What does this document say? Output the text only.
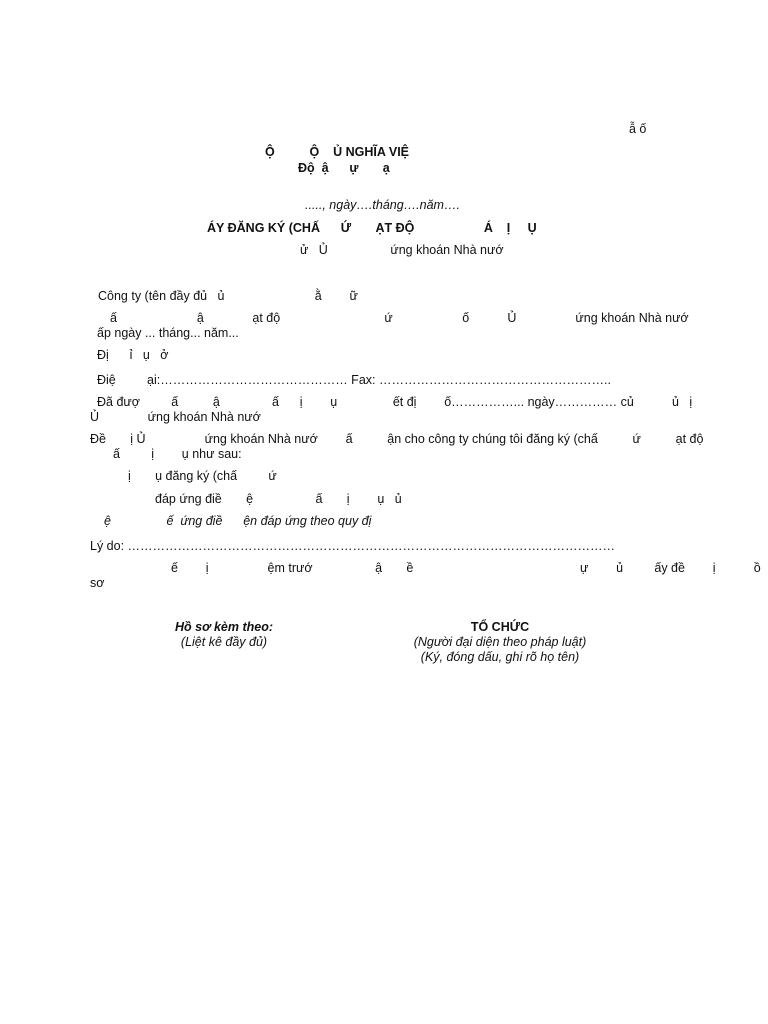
ẫ ố
Ộ          Ộ    Ủ NGHĨA VIỆ
Độ  ậ      ự       ạ
....., ngày….tháng….năm….
ÁY ĐĂNG KÝ (CHẤ      Ứ       ẠT ĐỘ                    Á    Ị     Ụ
ử   Ủ                  ứng khoán Nhà nướ
Công ty (tên đầy đủ   ủ                          ằ        ữ
ấ                       ậ              ạt độ                              ứ                    ố           Ủ                 ứng khoán Nhà nướ
ấp ngày ... tháng... năm...
Đị      ỉ   ụ   ở
Điệ         ại:……………………………………… Fax: ………………………………………………..
Đã đượ         ấ          ậ               ấ      ị        ụ                ết đị        ố……………... ngày…………… củ           ủ   ị
Ủ              ứng khoán Nhà nướ
Đề       ị Ủ                 ứng khoán Nhà nướ        ấ          ận cho công ty chúng tôi đăng ký (chấ          ứ          ạt độ
ấ         ị        ụ như sau:
ị       ụ đăng ký (chấ         ứ
đáp ứng điề       ệ                  ấ       ị        ụ   ủ
ệ                ế  ứng điề      ện đáp ứng theo quy đị
Lý do: ………………………………………………………………………………………………………
ế        ị                 ệm trướ                  ậ       ề                                                ự        ủ         ấy đề        ị           ồ
sơ
Hồ sơ kèm theo:
(Liệt kê đầy đủ)
TỔ CHỨC
(Người đại diện theo pháp luật)
(Ký, đóng dấu, ghi rõ họ tên)
